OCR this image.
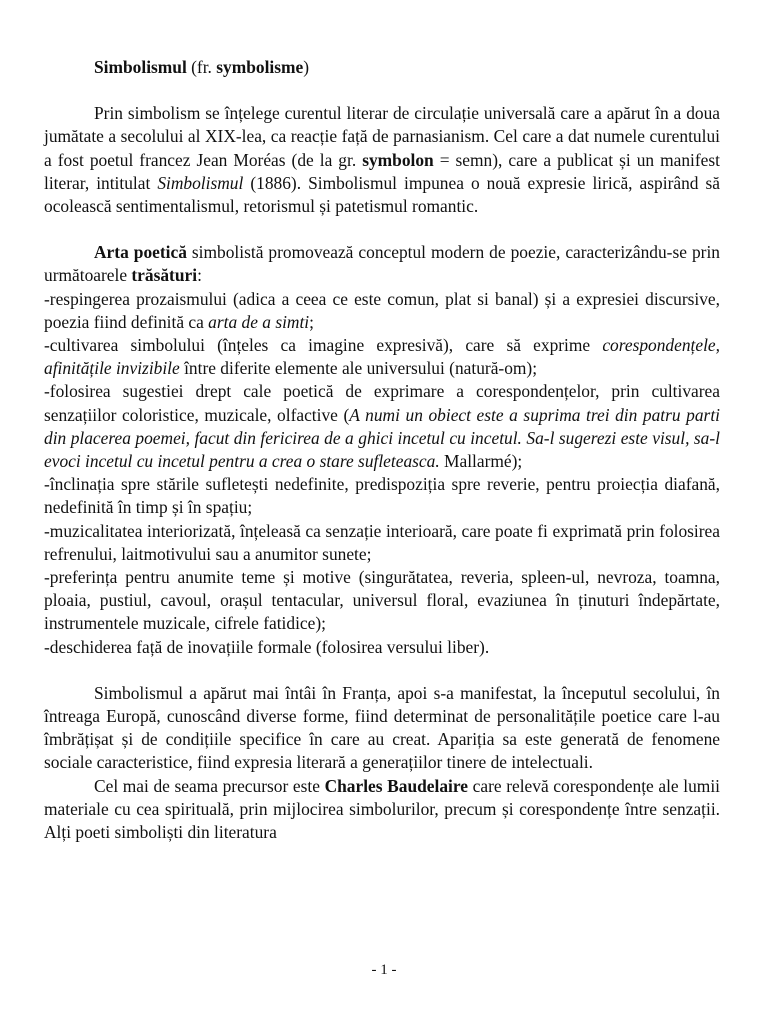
Simbolismul (fr. symbolisme)

Prin simbolism se înțelege curentul literar de circulație universală care a apărut în a doua jumătate a secolului al XIX-lea, ca reacție față de parnasianism. Cel care a dat numele curentului a fost poetul francez Jean Moréas (de la gr. symbolon = semn), care a publicat și un manifest literar, intitulat Simbolismul (1886). Simbolismul impunea o nouă expresie lirică, aspirând să ocolească sentimentalismul, retorismul și patetismul romantic.

Arta poetică simbolistă promovează conceptul modern de poezie, caracterizându-se prin următoarele trăsături:

-respingerea prozaismului (adica a ceea ce este comun, plat si banal) și a expresiei discursive, poezia fiind definită ca arta de a simti;

-cultivarea simbolului (înțeles ca imagine expresivă), care să exprime corespondențele, afinitățile invizibile între diferite elemente ale universului (natură-om);

-folosirea sugestiei drept cale poetică de exprimare a corespondențelor, prin cultivarea senzațiilor coloristice, muzicale, olfactive (A numi un obiect este a suprima trei din patru parti din placerea poemei, facut din fericirea de a ghici incetul cu incetul. Sa-l sugerezi este visul, sa-l evoci incetul cu incetul pentru a crea o stare sufleteasca. Mallarmé);

-înclinația spre stările sufletești nedefinite, predispoziția spre reverie, pentru proiecția diafană, nedefinită în timp și în spațiu;

-muzicalitatea interiorizată, înțeleasă ca senzație interioară, care poate fi exprimată prin folosirea refrenului, laitmotivului sau a anumitor sunete;

-preferința pentru anumite teme și motive (singurătatea, reveria, spleen-ul, nevroza, toamna, ploaia, pustiul, cavoul, orașul tentacular, universul floral, evaziunea în ținuturi îndepărtate, instrumentele muzicale, cifrele fatidice);

-deschiderea față de inovațiile formale (folosirea versului liber).

Simbolismul a apărut mai întâi în Franța, apoi s-a manifestat, la începutul secolului, în întreaga Europă, cunoscând diverse forme, fiind determinat de personalitățile poetice care l-au îmbrățișat și de condițiile specifice în care au creat. Apariția sa este generată de fenomene sociale caracteristice, fiind expresia literară a generațiilor tinere de intelectuali.

Cel mai de seama precursor este Charles Baudelaire care relevă corespondențe ale lumii materiale cu cea spirituală, prin mijlocirea simbolurilor, precum și corespondențe între senzații. Alți poeti simboliști din literatura

- 1 -
